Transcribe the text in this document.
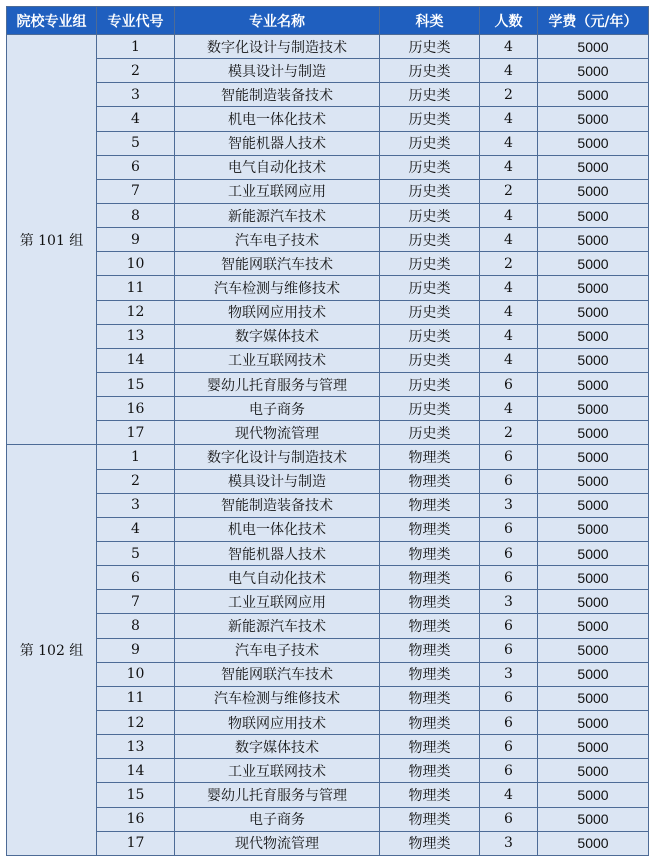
院校专业组	专业代号	专业名称	科类	人数	学费（元/年）
第 101 组	1	数字化设计与制造技术	历史类	4	5000
	2	模具设计与制造	历史类	4	5000
	3	智能制造装备技术	历史类	2	5000
	4	机电一体化技术	历史类	4	5000
	5	智能机器人技术	历史类	4	5000
	6	电气自动化技术	历史类	4	5000
	7	工业互联网应用	历史类	2	5000
	8	新能源汽车技术	历史类	4	5000
	9	汽车电子技术	历史类	4	5000
	10	智能网联汽车技术	历史类	2	5000
	11	汽车检测与维修技术	历史类	4	5000
	12	物联网应用技术	历史类	4	5000
	13	数字媒体技术	历史类	4	5000
	14	工业互联网技术	历史类	4	5000
	15	婴幼儿托育服务与管理	历史类	6	5000
	16	电子商务	历史类	4	5000
	17	现代物流管理	历史类	2	5000
第 102 组	1	数字化设计与制造技术	物理类	6	5000
	2	模具设计与制造	物理类	6	5000
	3	智能制造装备技术	物理类	3	5000
	4	机电一体化技术	物理类	6	5000
	5	智能机器人技术	物理类	6	5000
	6	电气自动化技术	物理类	6	5000
	7	工业互联网应用	物理类	3	5000
	8	新能源汽车技术	物理类	6	5000
	9	汽车电子技术	物理类	6	5000
	10	智能网联汽车技术	物理类	3	5000
	11	汽车检测与维修技术	物理类	6	5000
	12	物联网应用技术	物理类	6	5000
	13	数字媒体技术	物理类	6	5000
	14	工业互联网技术	物理类	6	5000
	15	婴幼儿托育服务与管理	物理类	4	5000
	16	电子商务	物理类	6	5000
	17	现代物流管理	物理类	3	5000
